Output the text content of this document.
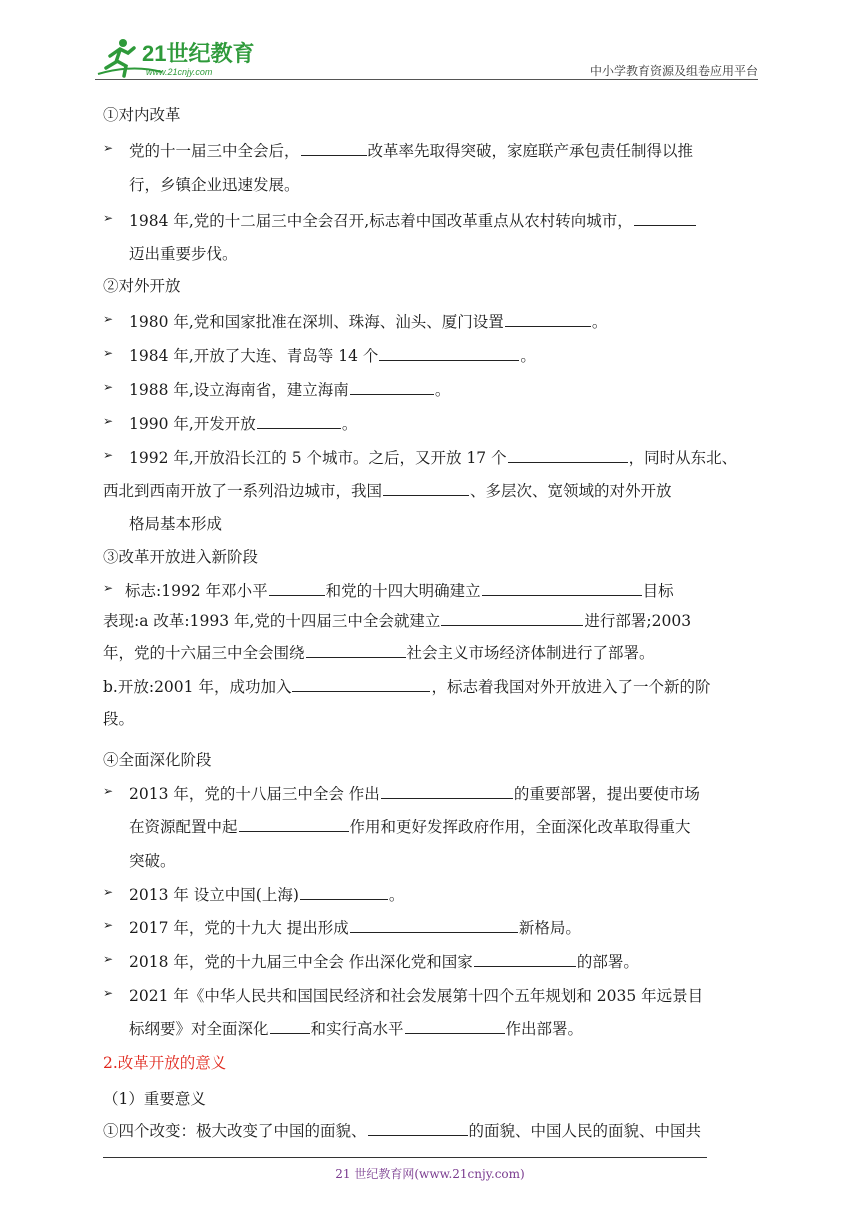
21世纪教育
www.21cnjy.com	中小学教育资源及组卷应用平台
①对内改革
➢ 党的十一届三中全会后，	改革率先取得突破，家庭联产承包责任制得以推
行，乡镇企业迅速发展。
➢ 1984 年,党的十二届三中全会召开,标志着中国改革重点从农村转向城市，
迈出重要步伐。
②对外开放
➢ 1980 年,党和国家批准在深圳、珠海、汕头、厦门设置	。
➢ 1984 年,开放了大连、青岛等 14 个	。
➢ 1988 年,设立海南省，建立海南	。
➢ 1990 年,开发开放	。
➢ 1992 年,开放沿长江的 5 个城市。之后，又开放 17 个	，同时从东北、
西北到西南开放了一系列沿边城市，我国	、多层次、宽领域的对外开放
格局基本形成
③改革开放进入新阶段
➢ 标志:1992 年邓小平	和党的十四大明确建立	目标
表现:a 改革:1993 年,党的十四届三中全会就建立	进行部署;2003
年，党的十六届三中全会围绕	社会主义市场经济体制进行了部署。
b.开放:2001 年，成功加入	，标志着我国对外开放进入了一个新的阶
段。
④全面深化阶段
➢ 2013 年，党的十八届三中全会 作出	的重要部署，提出要使市场
在资源配置中起	作用和更好发挥政府作用，全面深化改革取得重大
突破。
➢ 2013 年 设立中国(上海)	。
➢ 2017 年，党的十九大 提出形成	新格局。
➢ 2018 年，党的十九届三中全会 作出深化党和国家	的部署。
➢ 2021 年《中华人民共和国国民经济和社会发展第十四个五年规划和 2035 年远景目
标纲要》对全面深化	和实行高水平	作出部署。
2.改革开放的意义
（1）重要意义
①四个改变：极大改变了中国的面貌、	的面貌、中国人民的面貌、中国共
21 世纪教育网(www.21cnjy.com)
